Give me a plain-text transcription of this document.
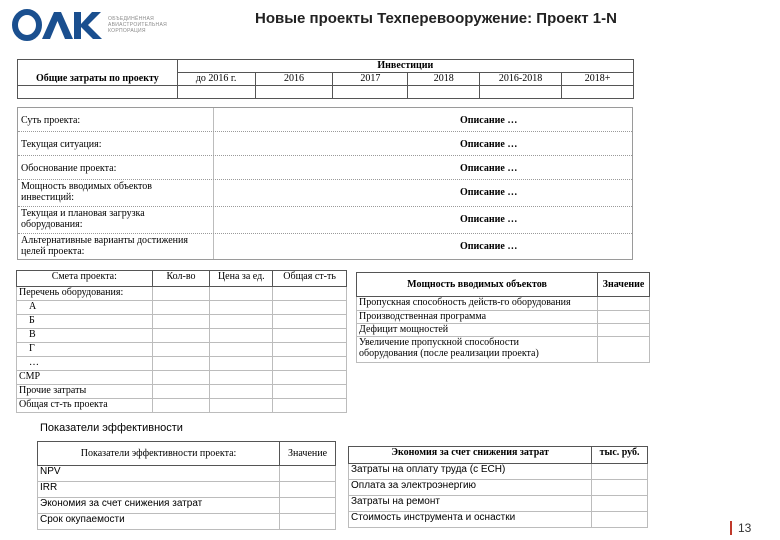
ОБЪЕДИНЁННАЯ
АВИАСТРОИТЕЛЬНАЯ
КОРПОРАЦИЯ
Новые проекты Техперевооружение: Проект 1-N
	Инвестиции					
Общие затраты по проекту	до 2016 г.	2016	2017	2018	2016-2018	2018+

Суть проекта:	Описание …
Текущая ситуация:	Описание …
Обоснование проекта:	Описание …
Мощность вводимых объектов
инвестиций:	Описание …
Текущая и плановая загрузка
оборудования:	Описание …
Альтернативные варианты достижения
целей проекта:	Описание …
Смета проекта:	Кол-во	Цена за ед.	Общая ст-ть
Перечень оборудования:			
А			
Б			
В			
Г			
…			
СМР			
Прочие затраты			
Общая ст-ть проекта			
Мощность вводимых объектов	Значение
Пропускная способность действ-го оборудования	
Производственная программа	
Дефицит мощностей	

Увеличение пропускной способности
оборудования (после реализации проекта)	

Показатели эффективности
Показатели эффективности проекта:	Значение
NPV	
IRR	
Экономия за счет снижения затрат	
Срок окупаемости	
Экономия за счет снижения затрат	тыс. руб.
Затраты на оплату труда (с ЕСН)	
Оплата за электроэнергию	
Затраты на ремонт	
Стоимость инструмента и оснастки	
13
